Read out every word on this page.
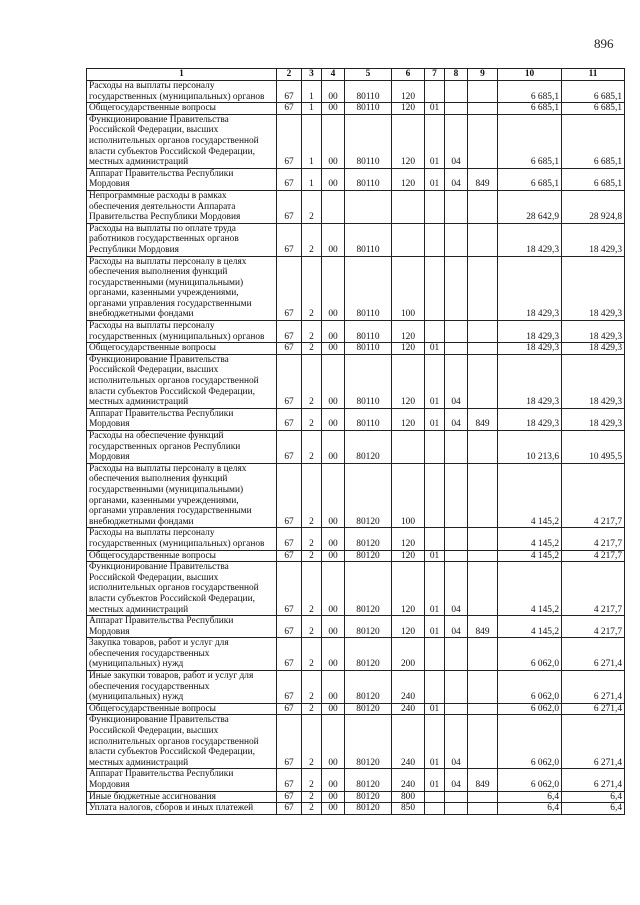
896
1	2	3	4	5	6	7	8	9	10	11
Расходы на выплаты персоналу государственных (муниципальных) органов	67	1	00	80110	120				6 685,1	6 685,1
Общегосударственные вопросы	67	1	00	80110	120	01			6 685,1	6 685,1
Функционирование Правительства Российской Федерации, высших исполнительных органов государственной власти субъектов Российской Федерации, местных администраций	67	1	00	80110	120	01	04		6 685,1	6 685,1
Аппарат Правительства Республики Мордовия	67	1	00	80110	120	01	04	849	6 685,1	6 685,1
Непрограммные расходы в рамках обеспечения деятельности Аппарата Правительства Республики Мордовия	67	2							28 642,9	28 924,8
Расходы на выплаты по оплате труда работников государственных органов Республики Мордовия	67	2	00	80110					18 429,3	18 429,3
Расходы на выплаты персоналу в целях обеспечения выполнения функций государственными (муниципальными) органами, казенными учреждениями, органами управления государственными внебюджетными фондами	67	2	00	80110	100				18 429,3	18 429,3
Расходы на выплаты персоналу государственных (муниципальных) органов	67	2	00	80110	120				18 429,3	18 429,3
Общегосударственные вопросы	67	2	00	80110	120	01			18 429,3	18 429,3
Функционирование Правительства Российской Федерации, высших исполнительных органов государственной власти субъектов Российской Федерации, местных администраций	67	2	00	80110	120	01	04		18 429,3	18 429,3
Аппарат Правительства Республики Мордовия	67	2	00	80110	120	01	04	849	18 429,3	18 429,3
Расходы на обеспечение функций государственных органов Республики Мордовия	67	2	00	80120					10 213,6	10 495,5
Расходы на выплаты персоналу в целях обеспечения выполнения функций государственными (муниципальными) органами, казенными учреждениями, органами управления государственными внебюджетными фондами	67	2	00	80120	100				4 145,2	4 217,7
Расходы на выплаты персоналу государственных (муниципальных) органов	67	2	00	80120	120				4 145,2	4 217,7
Общегосударственные вопросы	67	2	00	80120	120	01			4 145,2	4 217,7
Функционирование Правительства Российской Федерации, высших исполнительных органов государственной власти субъектов Российской Федерации, местных администраций	67	2	00	80120	120	01	04		4 145,2	4 217,7
Аппарат Правительства Республики Мордовия	67	2	00	80120	120	01	04	849	4 145,2	4 217,7
Закупка товаров, работ и услуг для обеспечения государственных (муниципальных) нужд	67	2	00	80120	200				6 062,0	6 271,4
Иные закупки товаров, работ и услуг для обеспечения государственных (муниципальных) нужд	67	2	00	80120	240				6 062,0	6 271,4
Общегосударственные вопросы	67	2	00	80120	240	01			6 062,0	6 271,4
Функционирование Правительства Российской Федерации, высших исполнительных органов государственной власти субъектов Российской Федерации, местных администраций	67	2	00	80120	240	01	04		6 062,0	6 271,4
Аппарат Правительства Республики Мордовия	67	2	00	80120	240	01	04	849	6 062,0	6 271,4
Иные бюджетные ассигнования	67	2	00	80120	800				6,4	6,4
Уплата налогов, сборов и иных платежей	67	2	00	80120	850				6,4	6,4
